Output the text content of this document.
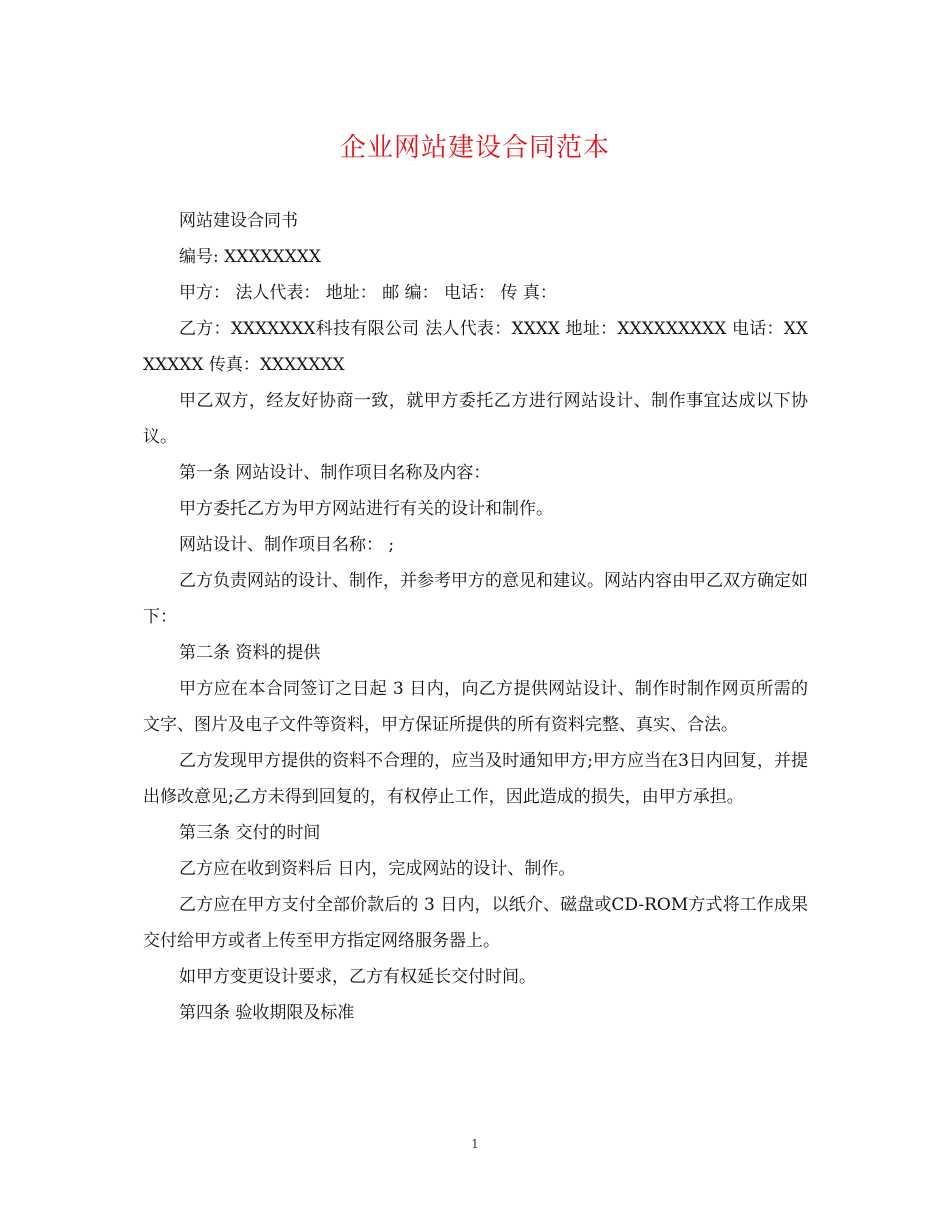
企业网站建设合同范本

网站建设合同书

编号: XXXXXXXX

甲方： 法人代表： 地址： 邮 编： 电话： 传 真：

乙方：XXXXXXX科技有限公司 法人代表：XXXX 地址：XXXXXXXXX 电话：XXXXXXX 传真：XXXXXXX

甲乙双方，经友好协商一致，就甲方委托乙方进行网站设计、制作事宜达成以下协议。

第一条 网站设计、制作项目名称及内容：

甲方委托乙方为甲方网站进行有关的设计和制作。

网站设计、制作项目名称： ;

乙方负责网站的设计、制作，并参考甲方的意见和建议。网站内容由甲乙双方确定如下：

第二条 资料的提供

甲方应在本合同签订之日起 3 日内，向乙方提供网站设计、制作时制作网页所需的文字、图片及电子文件等资料，甲方保证所提供的所有资料完整、真实、合法。

乙方发现甲方提供的资料不合理的，应当及时通知甲方;甲方应当在3日内回复，并提出修改意见;乙方未得到回复的，有权停止工作，因此造成的损失，由甲方承担。

第三条 交付的时间

乙方应在收到资料后 日内，完成网站的设计、制作。

乙方应在甲方支付全部价款后的 3 日内，以纸介、磁盘或CD-ROM方式将工作成果交付给甲方或者上传至甲方指定网络服务器上。

如甲方变更设计要求，乙方有权延长交付时间。

第四条 验收期限及标准

1
